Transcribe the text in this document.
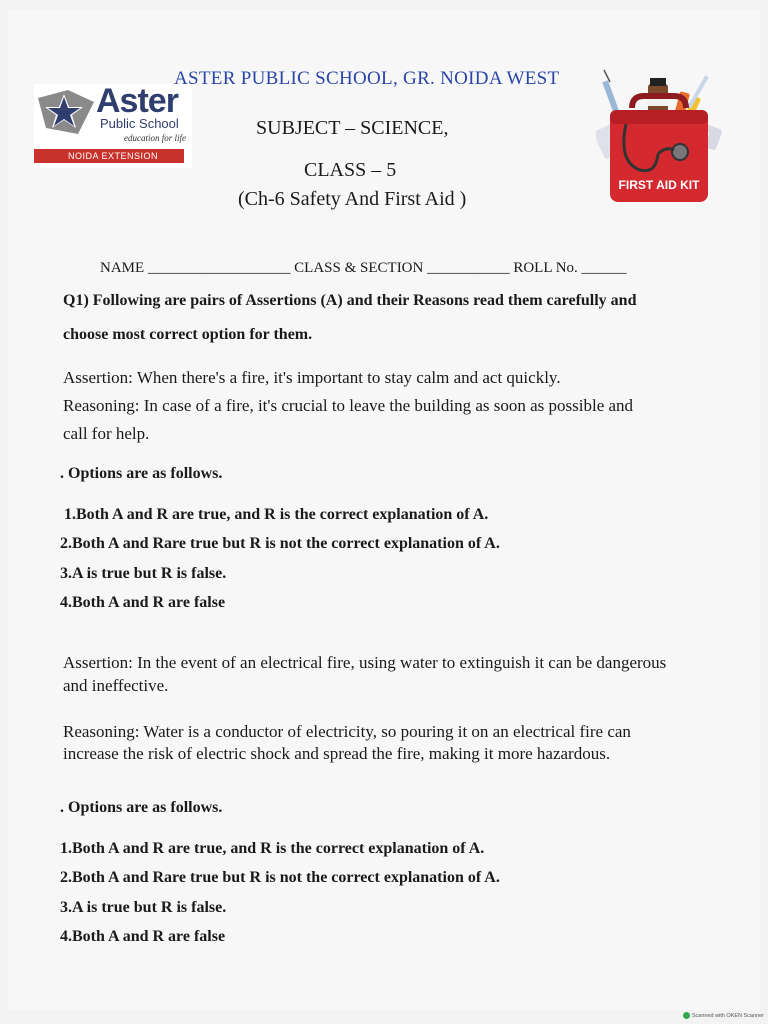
Aster
Public School
education for life
NOIDA EXTENSION
ASTER PUBLIC SCHOOL, GR. NOIDA WEST
SUBJECT – SCIENCE,
CLASS – 5
(Ch-6 Safety And First Aid )
FIRST AID KIT
NAME ___________________ CLASS & SECTION ___________ ROLL No. ______
Q1) Following are pairs of Assertions (A) and their Reasons read them carefully and
choose most correct option for them.
Assertion: When there's a fire, it's important to stay calm and act quickly.
Reasoning: In case of a fire, it's crucial to leave the building as soon as possible and
call for help.
. Options are as follows.
1.Both A and R are true, and R is the correct explanation of A.
2.Both A and Rare true but R is not the correct explanation of A.
3.A is true but R is false.
4.Both A and R are false
Assertion: In the event of an electrical fire, using water to extinguish it can be dangerous
and ineffective.
Reasoning: Water is a conductor of electricity, so pouring it on an electrical fire can
increase the risk of electric shock and spread the fire, making it more hazardous.
. Options are as follows.
1.Both A and R are true, and R is the correct explanation of A.
2.Both A and Rare true but R is not the correct explanation of A.
3.A is true but R is false.
4.Both A and R are false
Scanned with OKEN Scanner
